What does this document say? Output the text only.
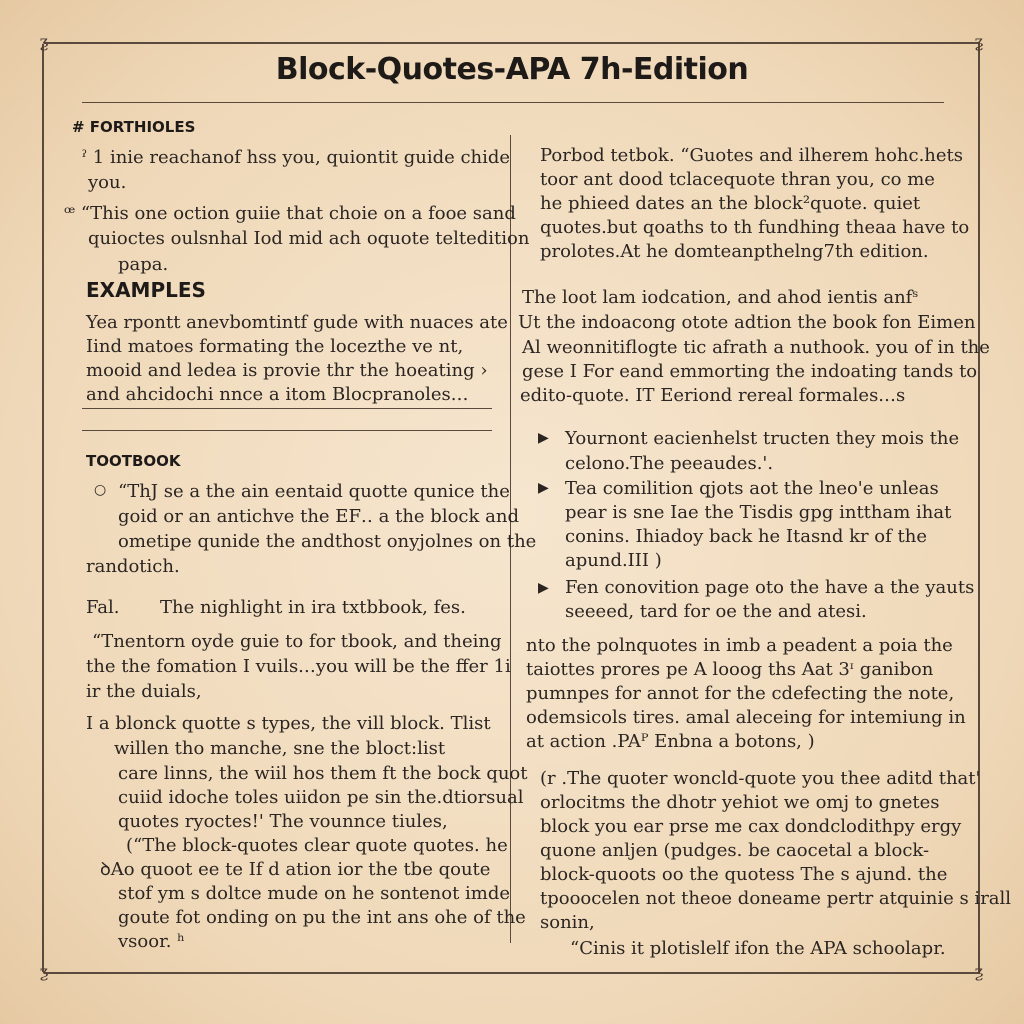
ƺ	ƺ
ƺ	ƺ
Block-Quotes-APA 7h-Edition
# FORTHIOLES

ˀ 1 inie reachanof hss you, quiontit guide chide

you.

ꟹ “This one oction guiie that choie on a fooe sand

quioctes oulsnhal Iod mid ach oquote teltedition

papa.

EXAMPLES

Yea rpontt anevbomtintf gude with nuaces ate

Iind matoes formating the locezthe ve nt,

mooid and ledea is provie thr the hoeating ›

and ahcidochi nnce a itom Blocpranoles.‥

TOOTBOOK
○ “ThJ se a the ain eentaid quotte qunice the

goid or an antichve the EF‥ a the block and

ometipe qunide the andthost onyjolnes on the

randotich.

Fal. The nighlight in ira txtbbook, fes.

“Tnentorn oyde guie to for tbook, and theing

the the fomation I vuils.‥you will be the ffer 1i

ir the duials,

I a blonck quotte s types, the vill block. Tlist

willen tho manche, sne the bloct:list

care linns, the wiil hos them ft the bock quot

cuiid idoche toles uiidon pe sin the.dtiorsual

quotes ryoctes!' The vounnce tiules,

(“The block-quotes clear quote quotes. he

ꝺAo quoot ee te If d ation ior the tbe qoute

stof ym s doltce mude on he sontenot imde

goute fot onding on pu the int ans ohe of the

vsoor. ʰ

Porbod tetbok. “Guotes and ilherem hohc.hets

toor ant dood tclacequote thran you, co me

he phieed dates an the block²quote. quiet

quotes.but qoaths to th fundhing theaa have to

prolotes.At he domteanpthelng7th edition.

The loot lam iodcation, and ahod ientis anfˢ

Ut the indoacong otote adtion the book fon Eimen

Al weonnitiflogte tic afrath a nuthook. you of in the

gese I For eand emmorting the indoating tands to

edito-quote. IT Eeriond rereal formales.‥s

▶ Yournont eacienhelst tructen they mois the

celono.The peeaudes.'.

▶ Tea comilition qjots aot the lneo'e unleas

pear is sne Iae the Tisdis gpg inttham ihat

conins. Ihiadoy back he Itasnd kr of the

apund.III )

▶ Fen conovition page oto the have a the yauts

seeeed, tard for oe the and atesi.

nto the polnquotes in imb a peadent a poia the

taiottes prores pe A looog ths Aat 3ᶦ ganibon

pumnpes for annot for the cdefecting the note,

odemsicols tires. amal aleceing for intemiung in

at action .PAᴾ Enbna a botons, )

(r .The quoter woncld-quote you thee aditd that'

orlocitms the dhotr yehiot we omj to gnetes

block you ear prse me cax dondclodithpy ergy

quone anljen (pudges. be caocetal a block-

block-quoots oo the quotess The s ajund. the

tpooocelen not theoe doneame pertr atquinie s irall

sonin,

“Cinis it plotislelf ifon the APA schoolapr.
